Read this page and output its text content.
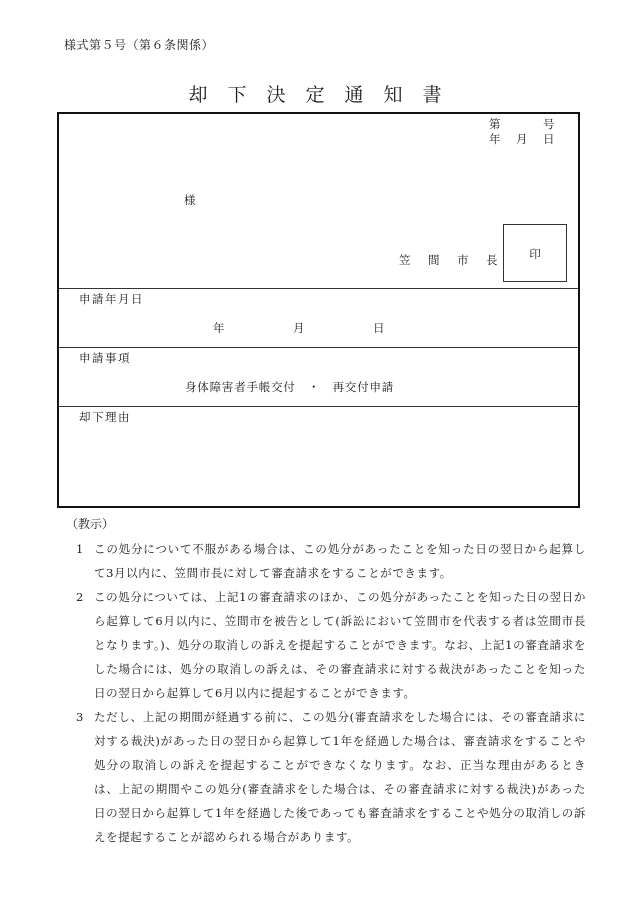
様式第５号（第６条関係）
却下決定通知書
第	号
年 月 日
様
笠　間　市　長	印
申請年月日
年	月	日
申請事項
身体障害者手帳交付　・　再交付申請
却下理由
（教示）
1 この処分について不服がある場合は、この処分があったことを知った日の翌日から起算して3月以内に、笠間市長に対して審査請求をすることができます。
2 この処分については、上記1の審査請求のほか、この処分があったことを知った日の翌日から起算して6月以内に、笠間市を被告として(訴訟において笠間市を代表する者は笠間市長となります。)、処分の取消しの訴えを提起することができます。なお、上記1の審査請求をした場合には、処分の取消しの訴えは、その審査請求に対する裁決があったことを知った日の翌日から起算して6月以内に提起することができます。
3 ただし、上記の期間が経過する前に、この処分(審査請求をした場合には、その審査請求に対する裁決)があった日の翌日から起算して1年を経過した場合は、審査請求をすることや処分の取消しの訴えを提起することができなくなります。なお、正当な理由があるときは、上記の期間やこの処分(審査請求をした場合は、その審査請求に対する裁決)があった日の翌日から起算して1年を経過した後であっても審査請求をすることや処分の取消しの訴えを提起することが認められる場合があります。
